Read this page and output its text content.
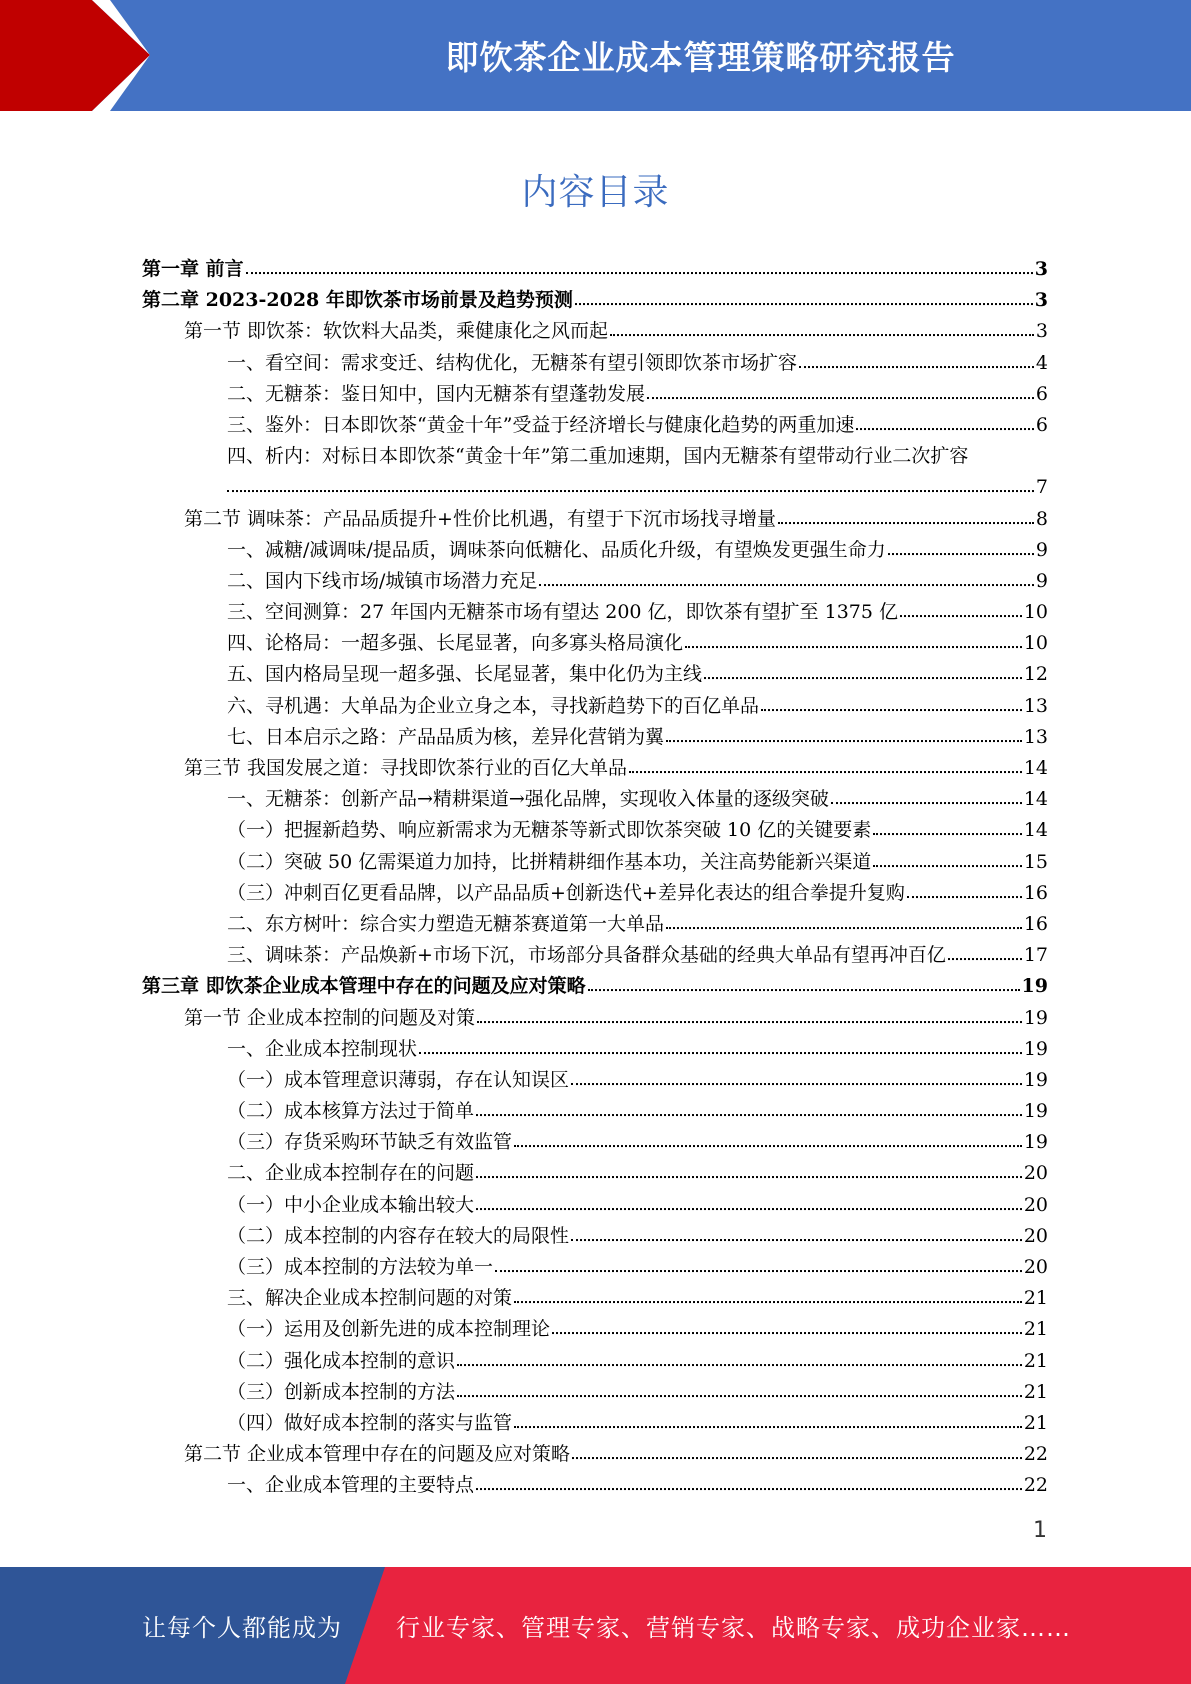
即饮茶企业成本管理策略研究报告
内容目录
第一章 前言	3
第二章 2023-2028 年即饮茶市场前景及趋势预测	3
第一节 即饮茶：软饮料大品类，乘健康化之风而起	3
一、看空间：需求变迁、结构优化，无糖茶有望引领即饮茶市场扩容	4
二、无糖茶：鉴日知中，国内无糖茶有望蓬勃发展	6
三、鉴外：日本即饮茶“黄金十年”受益于经济增长与健康化趋势的两重加速	6
四、析内：对标日本即饮茶“黄金十年”第二重加速期，国内无糖茶有望带动行业二次扩容
7
第二节 调味茶：产品品质提升+性价比机遇，有望于下沉市场找寻增量	8
一、减糖/减调味/提品质，调味茶向低糖化、品质化升级，有望焕发更强生命力	9
二、国内下线市场/城镇市场潜力充足	9
三、空间测算：27 年国内无糖茶市场有望达 200 亿，即饮茶有望扩至 1375 亿	10
四、论格局：一超多强、长尾显著，向多寡头格局演化	10
五、国内格局呈现一超多强、长尾显著，集中化仍为主线	12
六、寻机遇：大单品为企业立身之本，寻找新趋势下的百亿单品	13
七、日本启示之路：产品品质为核，差异化营销为翼	13
第三节 我国发展之道：寻找即饮茶行业的百亿大单品	14
一、无糖茶：创新产品→精耕渠道→强化品牌，实现收入体量的逐级突破	14
（一）把握新趋势、响应新需求为无糖茶等新式即饮茶突破 10 亿的关键要素	14
（二）突破 50 亿需渠道力加持，比拼精耕细作基本功，关注高势能新兴渠道	15
（三）冲刺百亿更看品牌，以产品品质+创新迭代+差异化表达的组合拳提升复购	16
二、东方树叶：综合实力塑造无糖茶赛道第一大单品	16
三、调味茶：产品焕新+市场下沉，市场部分具备群众基础的经典大单品有望再冲百亿	17
第三章 即饮茶企业成本管理中存在的问题及应对策略	19
第一节 企业成本控制的问题及对策	19
一、企业成本控制现状	19
（一）成本管理意识薄弱，存在认知误区	19
（二）成本核算方法过于简单	19
（三）存货采购环节缺乏有效监管	19
二、企业成本控制存在的问题	20
（一）中小企业成本输出较大	20
（二）成本控制的内容存在较大的局限性	20
（三）成本控制的方法较为单一	20
三、解决企业成本控制问题的对策	21
（一）运用及创新先进的成本控制理论	21
（二）强化成本控制的意识	21
（三）创新成本控制的方法	21
（四）做好成本控制的落实与监管	21
第二节 企业成本管理中存在的问题及应对策略	22
一、企业成本管理的主要特点	22
1
让每个人都能成为 行业专家、管理专家、营销专家、战略专家、成功企业家……
